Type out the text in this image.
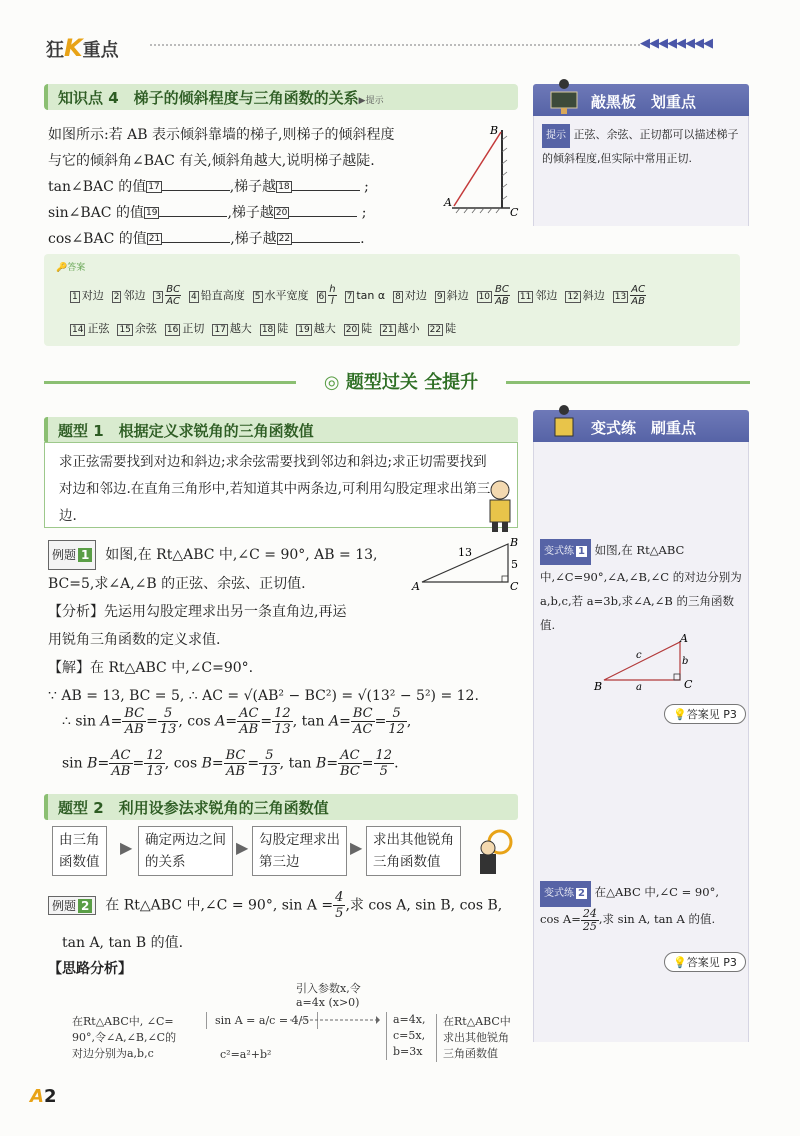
狂K重点	◀◀◀◀◀◀◀◀
知识点 4　梯子的倾斜程度与三角函数的关系▶提示
如图所示:若 AB 表示倾斜靠墙的梯子,则梯子的倾斜程度
与它的倾斜角∠BAC 有关,倾斜角越大,说明梯子越陡.
tan∠BAC 的值 17	,梯子越 18	;
sin∠BAC 的值 19	,梯子越 20	;
cos∠BAC 的值 21	,梯子越 22	.
A
B
C
敲黑板　划重点
提示 正弦、余弦、正切都可以描述梯子的倾斜程度,但实际中常用正切.
🔑答案
1 对边 2 邻边 $3 \frac{BC}{AC} 4$ 铅直高度 5 水平宽度 $6 \frac{h}{l} 7$ tan α 8 对边 9 斜边 $10 \frac{BC}{AB} 11$ 邻边 12 斜边 $13 \frac{AC}{AB}$
14 正弦 15 余弦 16 正切 17 越大 18 陡 19 越大 20 陡 21 越小 22 陡
◎ 题型过关 全提升
题型 1　根据定义求锐角的三角函数值
求正弦需要找到对边和斜边;求余弦需要找到邻边和斜边;求正切需要找到对边和邻边.在直角三角形中,若知道其中两条边,可利用勾股定理求出第三边.
例题 1 如图,在 Rt△ABC 中,∠C = 90°, AB = 13,
BC=5,求∠A,∠B 的正弦、余弦、正切值.
【分析】先运用勾股定理求出另一条直角边,再运
用锐角三角函数的定义求值.
【解】在 Rt△ABC 中,∠C=90°.
∵ AB = 13, BC = 5, ∴ AC = √(AB² − BC²) = √(13² − 5²) = 12.
∴ $\sin A= \frac{BC}{AB} = \frac{5}{13}$ , $\cos A= \frac{AC}{AB} = \frac{12}{13}$ , $\tan A= \frac{BC}{AC} = \frac{5}{12}$ ,
$\sin B= \frac{AC}{AB} = \frac{12}{13}$ , $\cos B= \frac{BC}{AB} = \frac{5}{13}$ , $\tan B= \frac{AC}{BC} = \frac{12}{5}$ .
A
B
C
13
5
变式练　刷重点
变式练 1 如图,在 Rt△ABC 中,∠C=90°,∠A,∠B,∠C 的对边分别为 a,b,c,若 a=3b,求∠A,∠B 的三角函数值.
B
A
C
a
b
c
💡答案见 P3
变式练 2 在△ABC 中,∠C = 90°,
$\cos A= \frac{24}{25}$ ,求 sin A, tan A 的值.
💡答案见 P3
题型 2　利用设参法求锐角的三角函数值
由三角
函数值
▶ 确定两边之间
的关系
▶ 勾股定理求出
第三边
▶ 求出其他锐角
三角函数值
例题 2 在 Rt△ABC 中,∠C = 90°, $\sin A = \frac{4}{5}$ ,求 cos A, sin B, cos B,
tan A, tan B 的值.
【思路分析】
引入参数x,令
a=4x (x>0)
在Rt△ABC中, ∠C=
90°,令∠A,∠B,∠C的
对边分别为a,b,c
sin A = a/c = 4/5
c²=a²+b²
a=4x,
c=5x,
b=3x
在Rt△ABC中
求出其他锐角
三角函数值
A2
